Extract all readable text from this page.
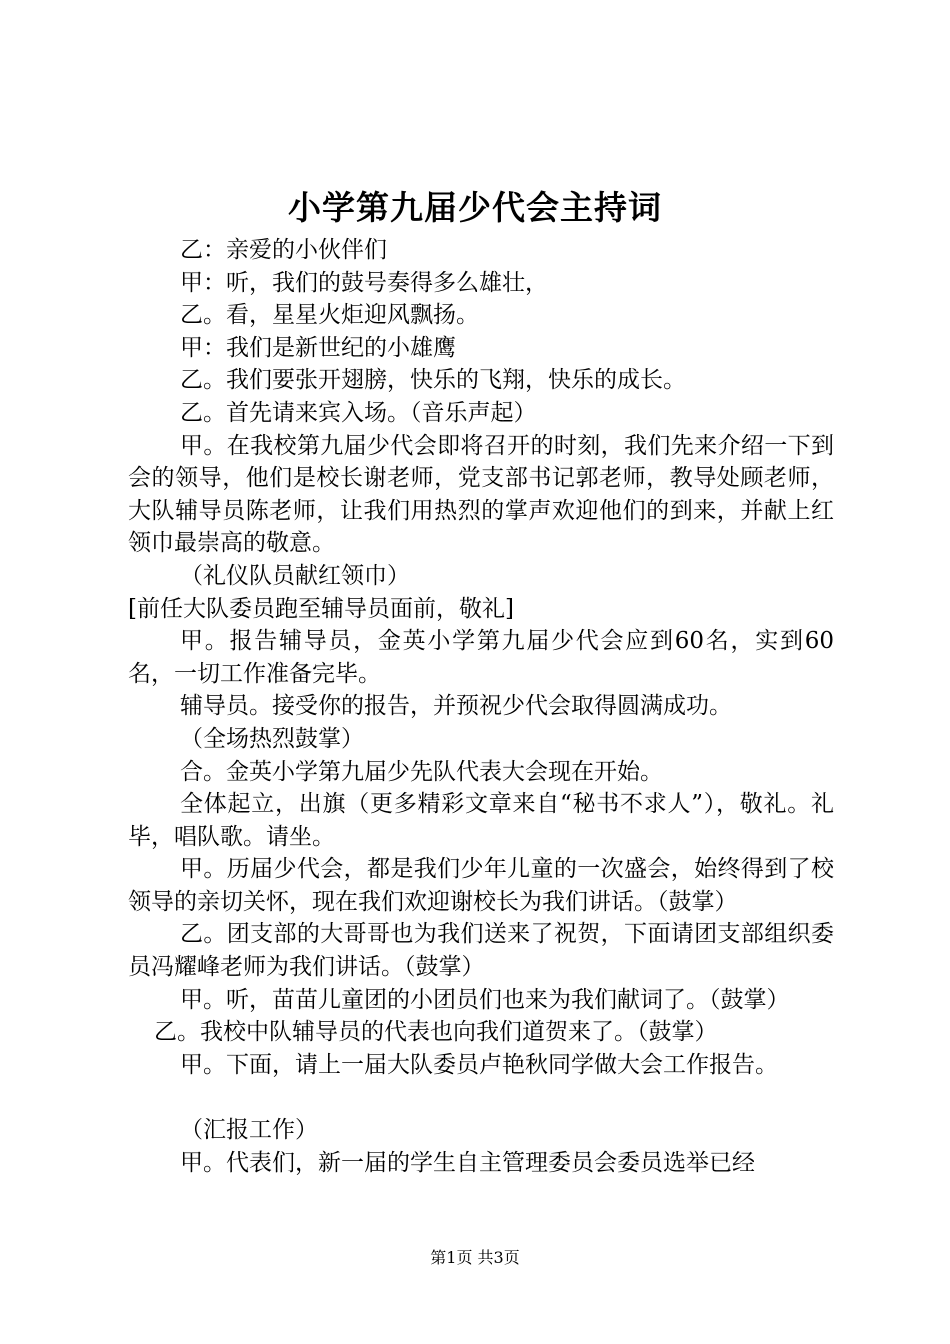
小学第九届少代会主持词

乙：亲爱的小伙伴们

甲：听，我们的鼓号奏得多么雄壮，

乙。看，星星火炬迎风飘扬。

甲：我们是新世纪的小雄鹰

乙。我们要张开翅膀，快乐的飞翔，快乐的成长。

乙。首先请来宾入场。（音乐声起）

甲。在我校第九届少代会即将召开的时刻，我们先来介绍一下到会的领导，他们是校长谢老师，党支部书记郭老师，教导处顾老师，大队辅导员陈老师，让我们用热烈的掌声欢迎他们的到来，并献上红领巾最崇高的敬意。

（礼仪队员献红领巾）

[前任大队委员跑至辅导员面前，敬礼]

甲。报告辅导员，金英小学第九届少代会应到60名，实到60名，一切工作准备完毕。

辅导员。接受你的报告，并预祝少代会取得圆满成功。

（全场热烈鼓掌）

合。金英小学第九届少先队代表大会现在开始。

全体起立，出旗（更多精彩文章来自“秘书不求人”），敬礼。礼毕，唱队歌。请坐。

甲。历届少代会，都是我们少年儿童的一次盛会，始终得到了校领导的亲切关怀，现在我们欢迎谢校长为我们讲话。（鼓掌）

乙。团支部的大哥哥也为我们送来了祝贺，下面请团支部组织委员冯耀峰老师为我们讲话。（鼓掌）

甲。听，苗苗儿童团的小团员们也来为我们献词了。（鼓掌）

乙。我校中队辅导员的代表也向我们道贺来了。（鼓掌）

甲。下面，请上一届大队委员卢艳秋同学做大会工作报告。

（汇报工作）

甲。代表们，新一届的学生自主管理委员会委员选举已经

第1页 共3页
